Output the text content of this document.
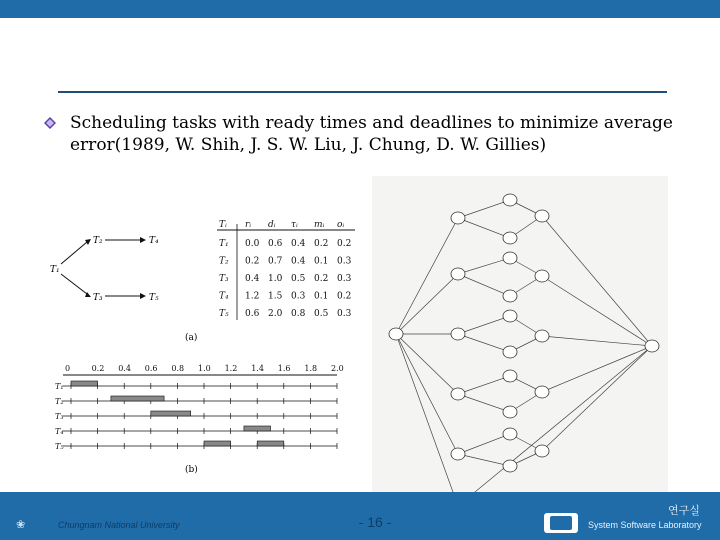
Scheduling tasks with ready times and deadlines to minimize average
error(1989, W. Shih, J. S. W. Liu, J. Chung, D. W. Gillies)
T₁
T₂
T₃
T₄
T₅
Tᵢ rᵢ dᵢ τᵢ mᵢ oᵢ
T₁ 0.0 0.6 0.4 0.2 0.2
T₂ 0.2 0.7 0.4 0.1 0.3
T₃ 0.4 1.0 0.5 0.2 0.3
T₄ 1.2 1.5 0.3 0.1 0.2
T₅ 0.6 2.0 0.8 0.5 0.3
(a)
0	0.2 0.4 0.6 0.8 1.0 1.2 1.4 1.6 1.8 2.0
T₁
T₂
T₃
T₄
T₅
(b)

❀	Chungnam National University	- 16 -
연구실
System Software Laboratory
